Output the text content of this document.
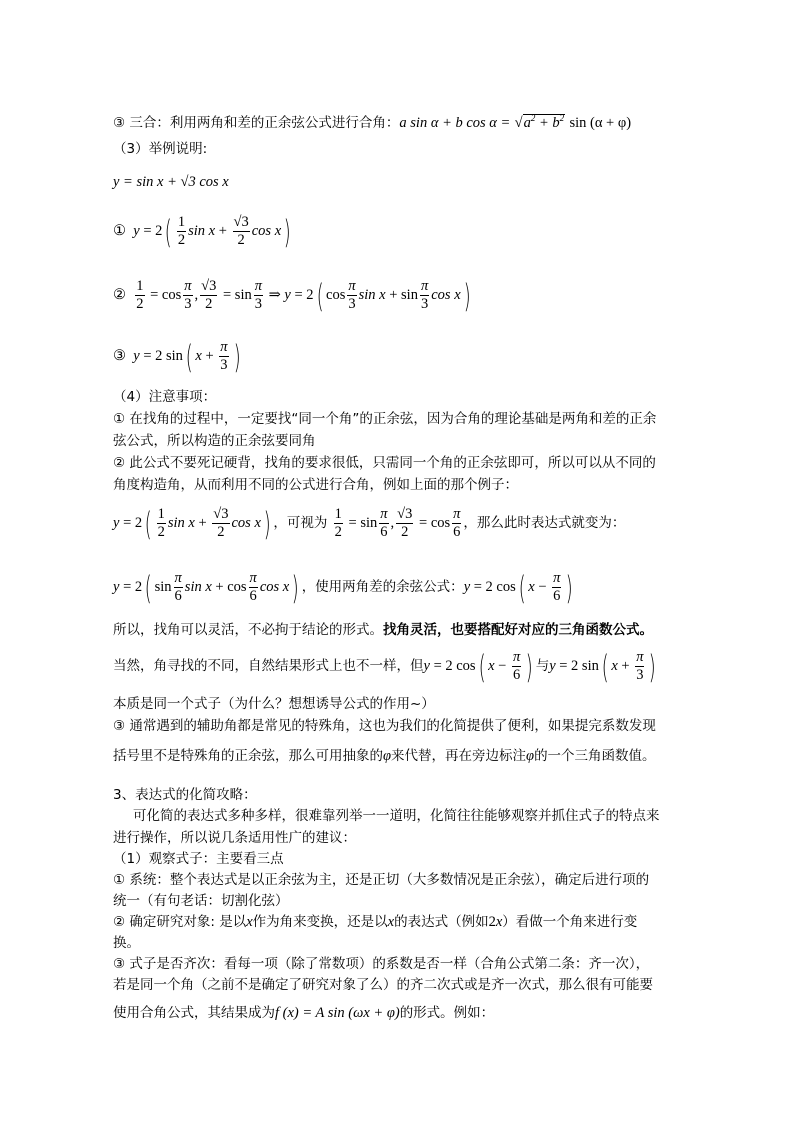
③ 三合：利用两角和差的正余弦公式进行合角：a sin α + b $\cos \alpha = √a^2 + b^2$ sin (α + φ)
（3）举例说明:
y = sin x + √3 cos x
① $y = 2( \frac{1}{2}$ $\sin x + \frac{√3}{2}$ cos x)
② $\frac{1}{2} = \cos \frac{\pi}{3}$ , $\frac{√3}{2} = \sin \frac{\pi}{3}$ ⇒ y = 2( $\cos \frac{\pi}{3}$ $\sin x + \sin \frac{\pi}{3}$ cos x)
③ y = 2 sin( $x + \frac{\pi}{3}$ )
（4）注意事项：
① 在找角的过程中，一定要找“同一个角”的正余弦，因为合角的理论基础是两角和差的正余
弦公式，所以构造的正余弦要同角
② 此公式不要死记硬背，找角的要求很低，只需同一个角的正余弦即可，所以可以从不同的
角度构造角，从而利用不同的公式进行合角，例如上面的那个例子：
$y = 2( \frac{1}{2}$ $\sin x + \frac{√3}{2}$ cos x) ，可视为 $\frac{1}{2} = \sin \frac{\pi}{6}$ , $\frac{√3}{2} = \cos \frac{\pi}{6}$ ，那么此时表达式就变为：
y = 2( $\sin \frac{\pi}{6}$ $\sin x + \cos \frac{\pi}{6}$ cos x) ，使用两角差的余弦公式：y = 2 cos( $x - \frac{\pi}{6}$ )
所以，找角可以灵活，不必拘于结论的形式。找角灵活，也要搭配好对应的三角函数公式。
当然，角寻找的不同，自然结果形式上也不一样，但y = 2 cos( $x - \frac{\pi}{6}$ ) 与y = 2 sin( $x + \frac{\pi}{3}$ )
本质是同一个式子（为什么？想想诱导公式的作用~）
③ 通常遇到的辅助角都是常见的特殊角，这也为我们的化简提供了便利，如果提完系数发现
括号里不是特殊角的正余弦，那么可用抽象的φ来代替，再在旁边标注φ的一个三角函数值。
3、表达式的化简攻略：
可化简的表达式多种多样，很难靠列举一一道明，化简往往能够观察并抓住式子的特点来
进行操作，所以说几条适用性广的建议：
（1）观察式子：主要看三点
① 系统：整个表达式是以正余弦为主，还是正切（大多数情况是正余弦），确定后进行项的
统一（有句老话：切割化弦）
② 确定研究对象: 是以x作为角来变换，还是以x的表达式（例如2x）看做一个角来进行变
换。
③ 式子是否齐次：看每一项（除了常数项）的系数是否一样（合角公式第二条：齐一次），
若是同一个角（之前不是确定了研究对象了么）的齐二次式或是齐一次式，那么很有可能要
使用合角公式，其结果成为f (x) = A sin (ωx + φ)的形式。例如：
